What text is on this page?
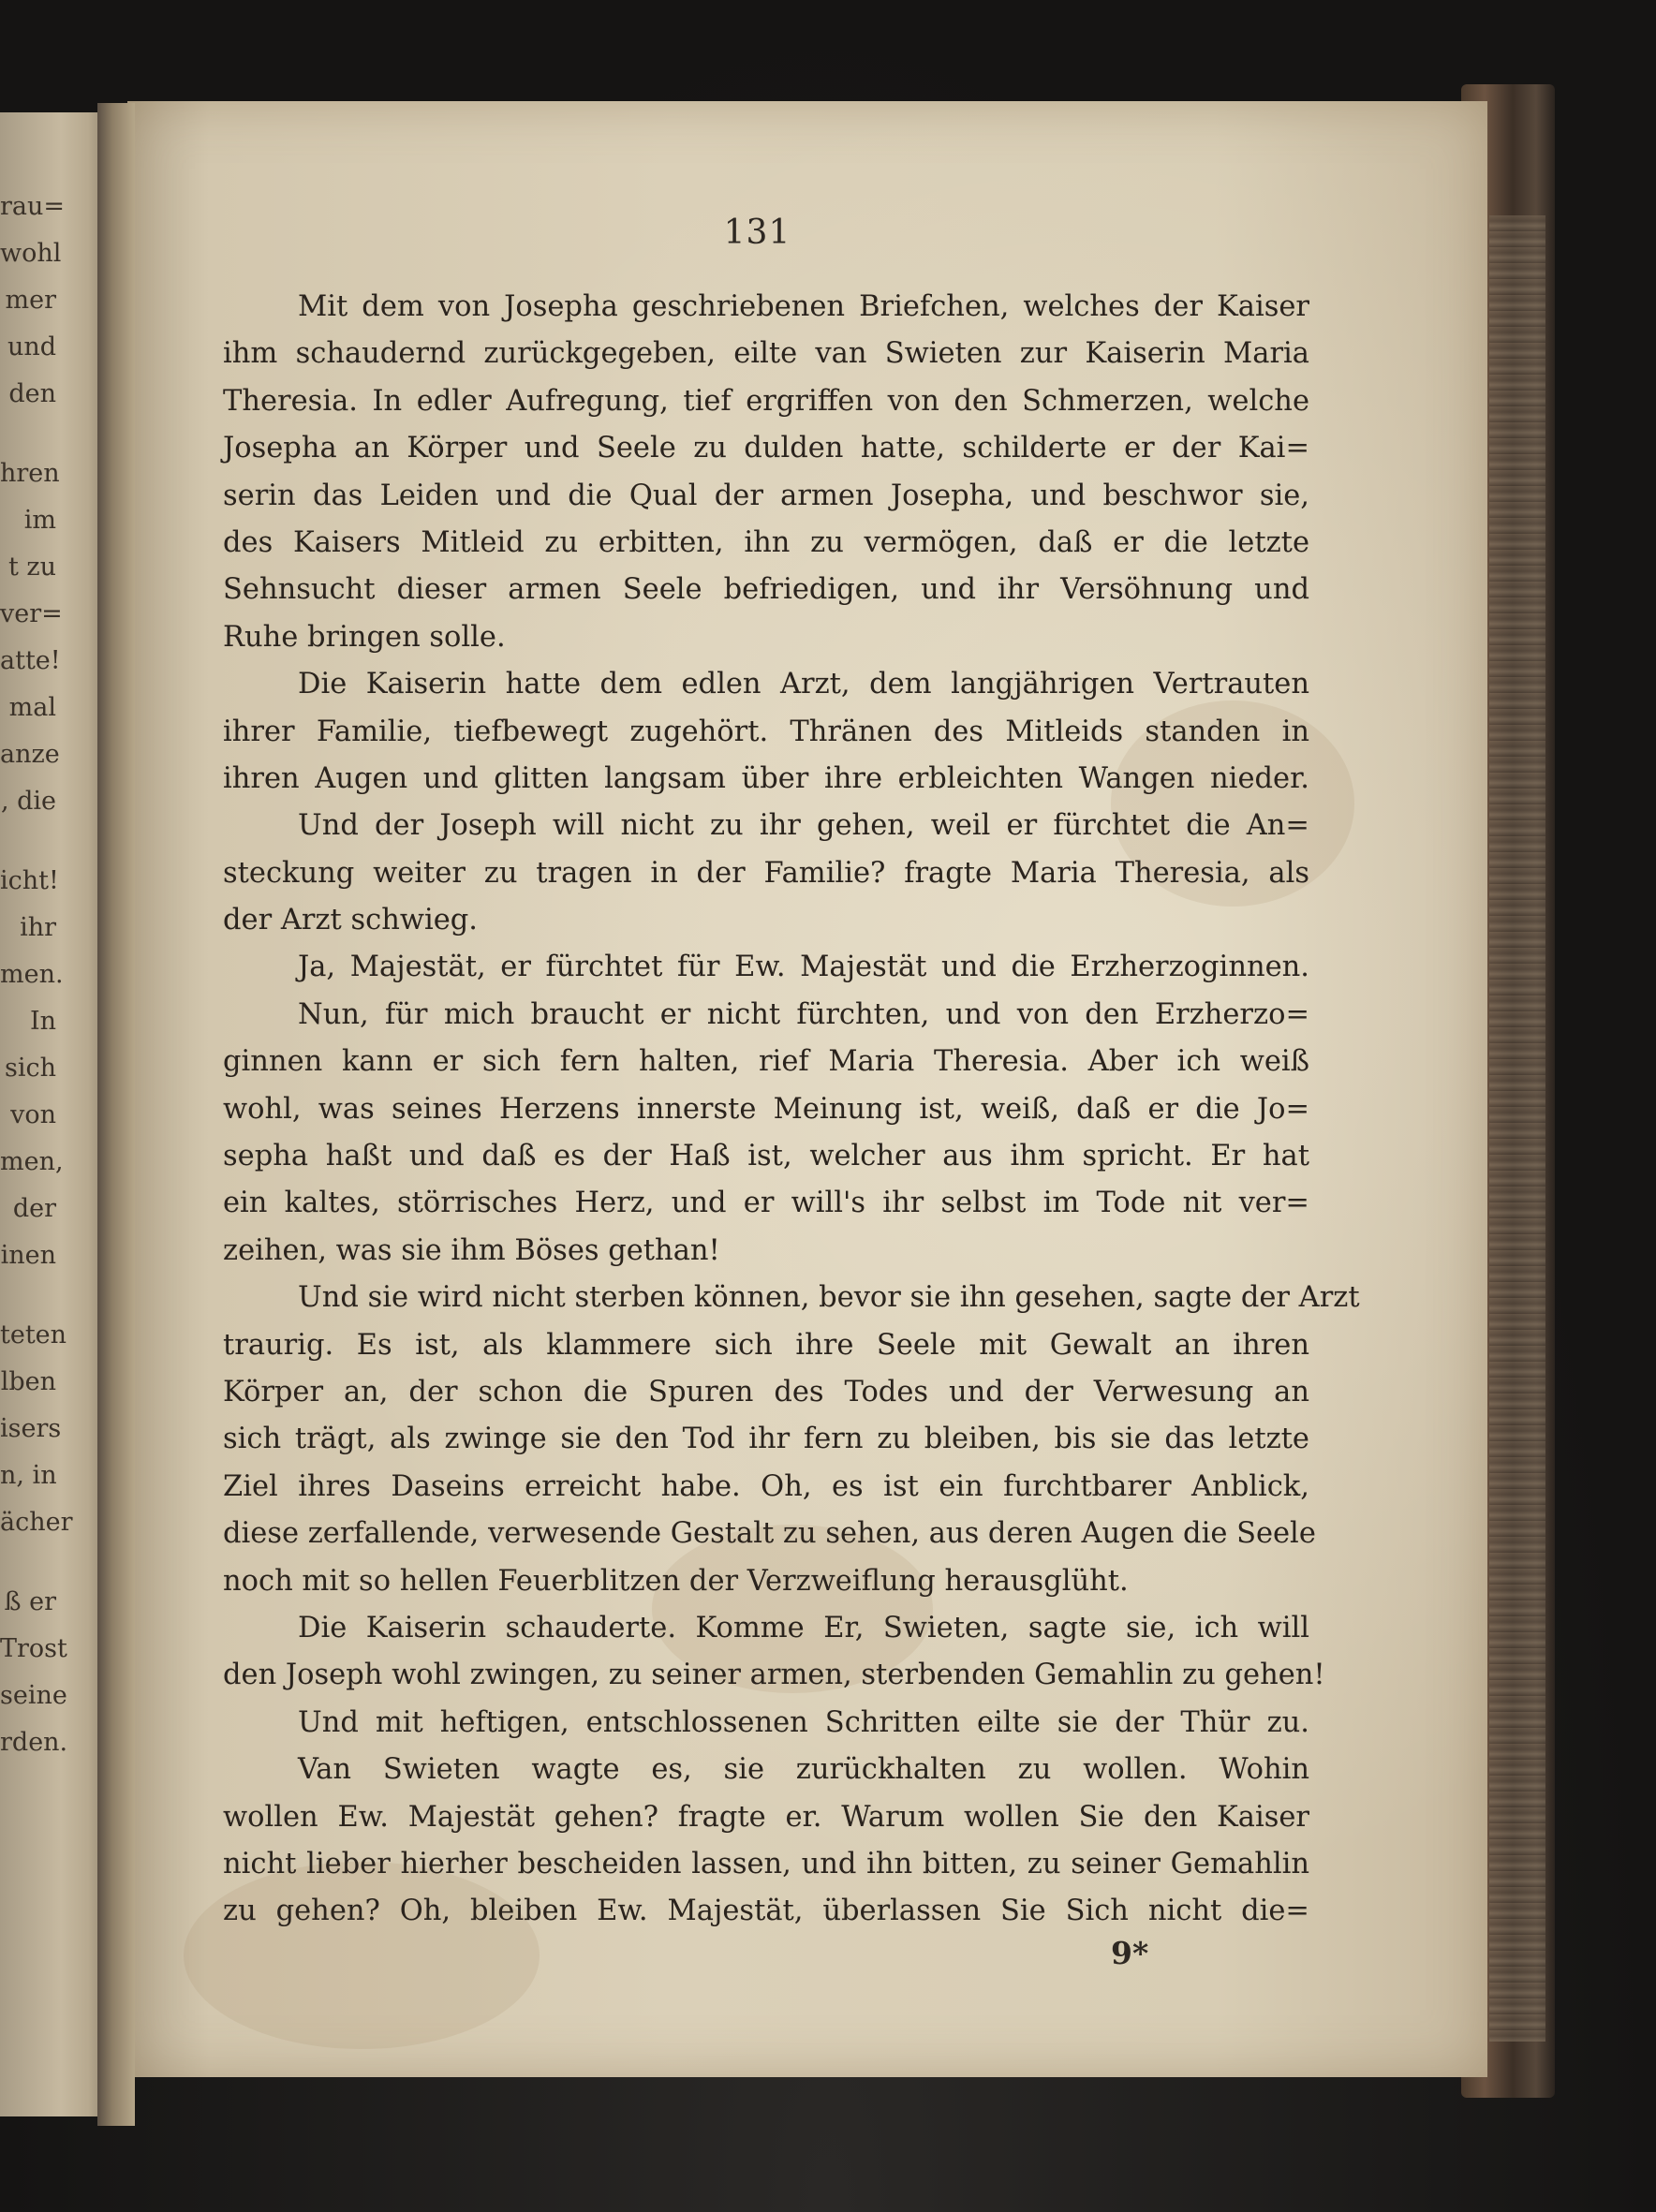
rau=
wohl
mer
und
den
hren
im
t zu
ver=
atte!
mal
anze
, die
icht!
ihr
men.
In
sich
von
men,
der
inen
teten
lben
isers
n, in
ächer
ß er
Trost
seine
rden.
131
Mit dem von Josepha geschriebenen Briefchen, welches der Kaiser
ihm schaudernd zurückgegeben, eilte van Swieten zur Kaiserin Maria
Theresia. In edler Aufregung, tief ergriffen von den Schmerzen, welche
Josepha an Körper und Seele zu dulden hatte, schilderte er der Kai=
serin das Leiden und die Qual der armen Josepha, und beschwor sie,
des Kaisers Mitleid zu erbitten, ihn zu vermögen, daß er die letzte
Sehnsucht dieser armen Seele befriedigen, und ihr Versöhnung und
Ruhe bringen solle.
Die Kaiserin hatte dem edlen Arzt, dem langjährigen Vertrauten
ihrer Familie, tiefbewegt zugehört. Thränen des Mitleids standen in
ihren Augen und glitten langsam über ihre erbleichten Wangen nieder.
Und der Joseph will nicht zu ihr gehen, weil er fürchtet die An=
steckung weiter zu tragen in der Familie? fragte Maria Theresia, als
der Arzt schwieg.
Ja, Majestät, er fürchtet für Ew. Majestät und die Erzherzoginnen.
Nun, für mich braucht er nicht fürchten, und von den Erzherzo=
ginnen kann er sich fern halten, rief Maria Theresia. Aber ich weiß
wohl, was seines Herzens innerste Meinung ist, weiß, daß er die Jo=
sepha haßt und daß es der Haß ist, welcher aus ihm spricht. Er hat
ein kaltes, störrisches Herz, und er will's ihr selbst im Tode nit ver=
zeihen, was sie ihm Böses gethan!
Und sie wird nicht sterben können, bevor sie ihn gesehen, sagte der Arzt
traurig. Es ist, als klammere sich ihre Seele mit Gewalt an ihren
Körper an, der schon die Spuren des Todes und der Verwesung an
sich trägt, als zwinge sie den Tod ihr fern zu bleiben, bis sie das letzte
Ziel ihres Daseins erreicht habe. Oh, es ist ein furchtbarer Anblick,
diese zerfallende, verwesende Gestalt zu sehen, aus deren Augen die Seele
noch mit so hellen Feuerblitzen der Verzweiflung herausglüht.
Die Kaiserin schauderte. Komme Er, Swieten, sagte sie, ich will
den Joseph wohl zwingen, zu seiner armen, sterbenden Gemahlin zu gehen!
Und mit heftigen, entschlossenen Schritten eilte sie der Thür zu.
Van Swieten wagte es, sie zurückhalten zu wollen. Wohin
wollen Ew. Majestät gehen? fragte er. Warum wollen Sie den Kaiser
nicht lieber hierher bescheiden lassen, und ihn bitten, zu seiner Gemahlin
zu gehen? Oh, bleiben Ew. Majestät, überlassen Sie Sich nicht die=
9*
